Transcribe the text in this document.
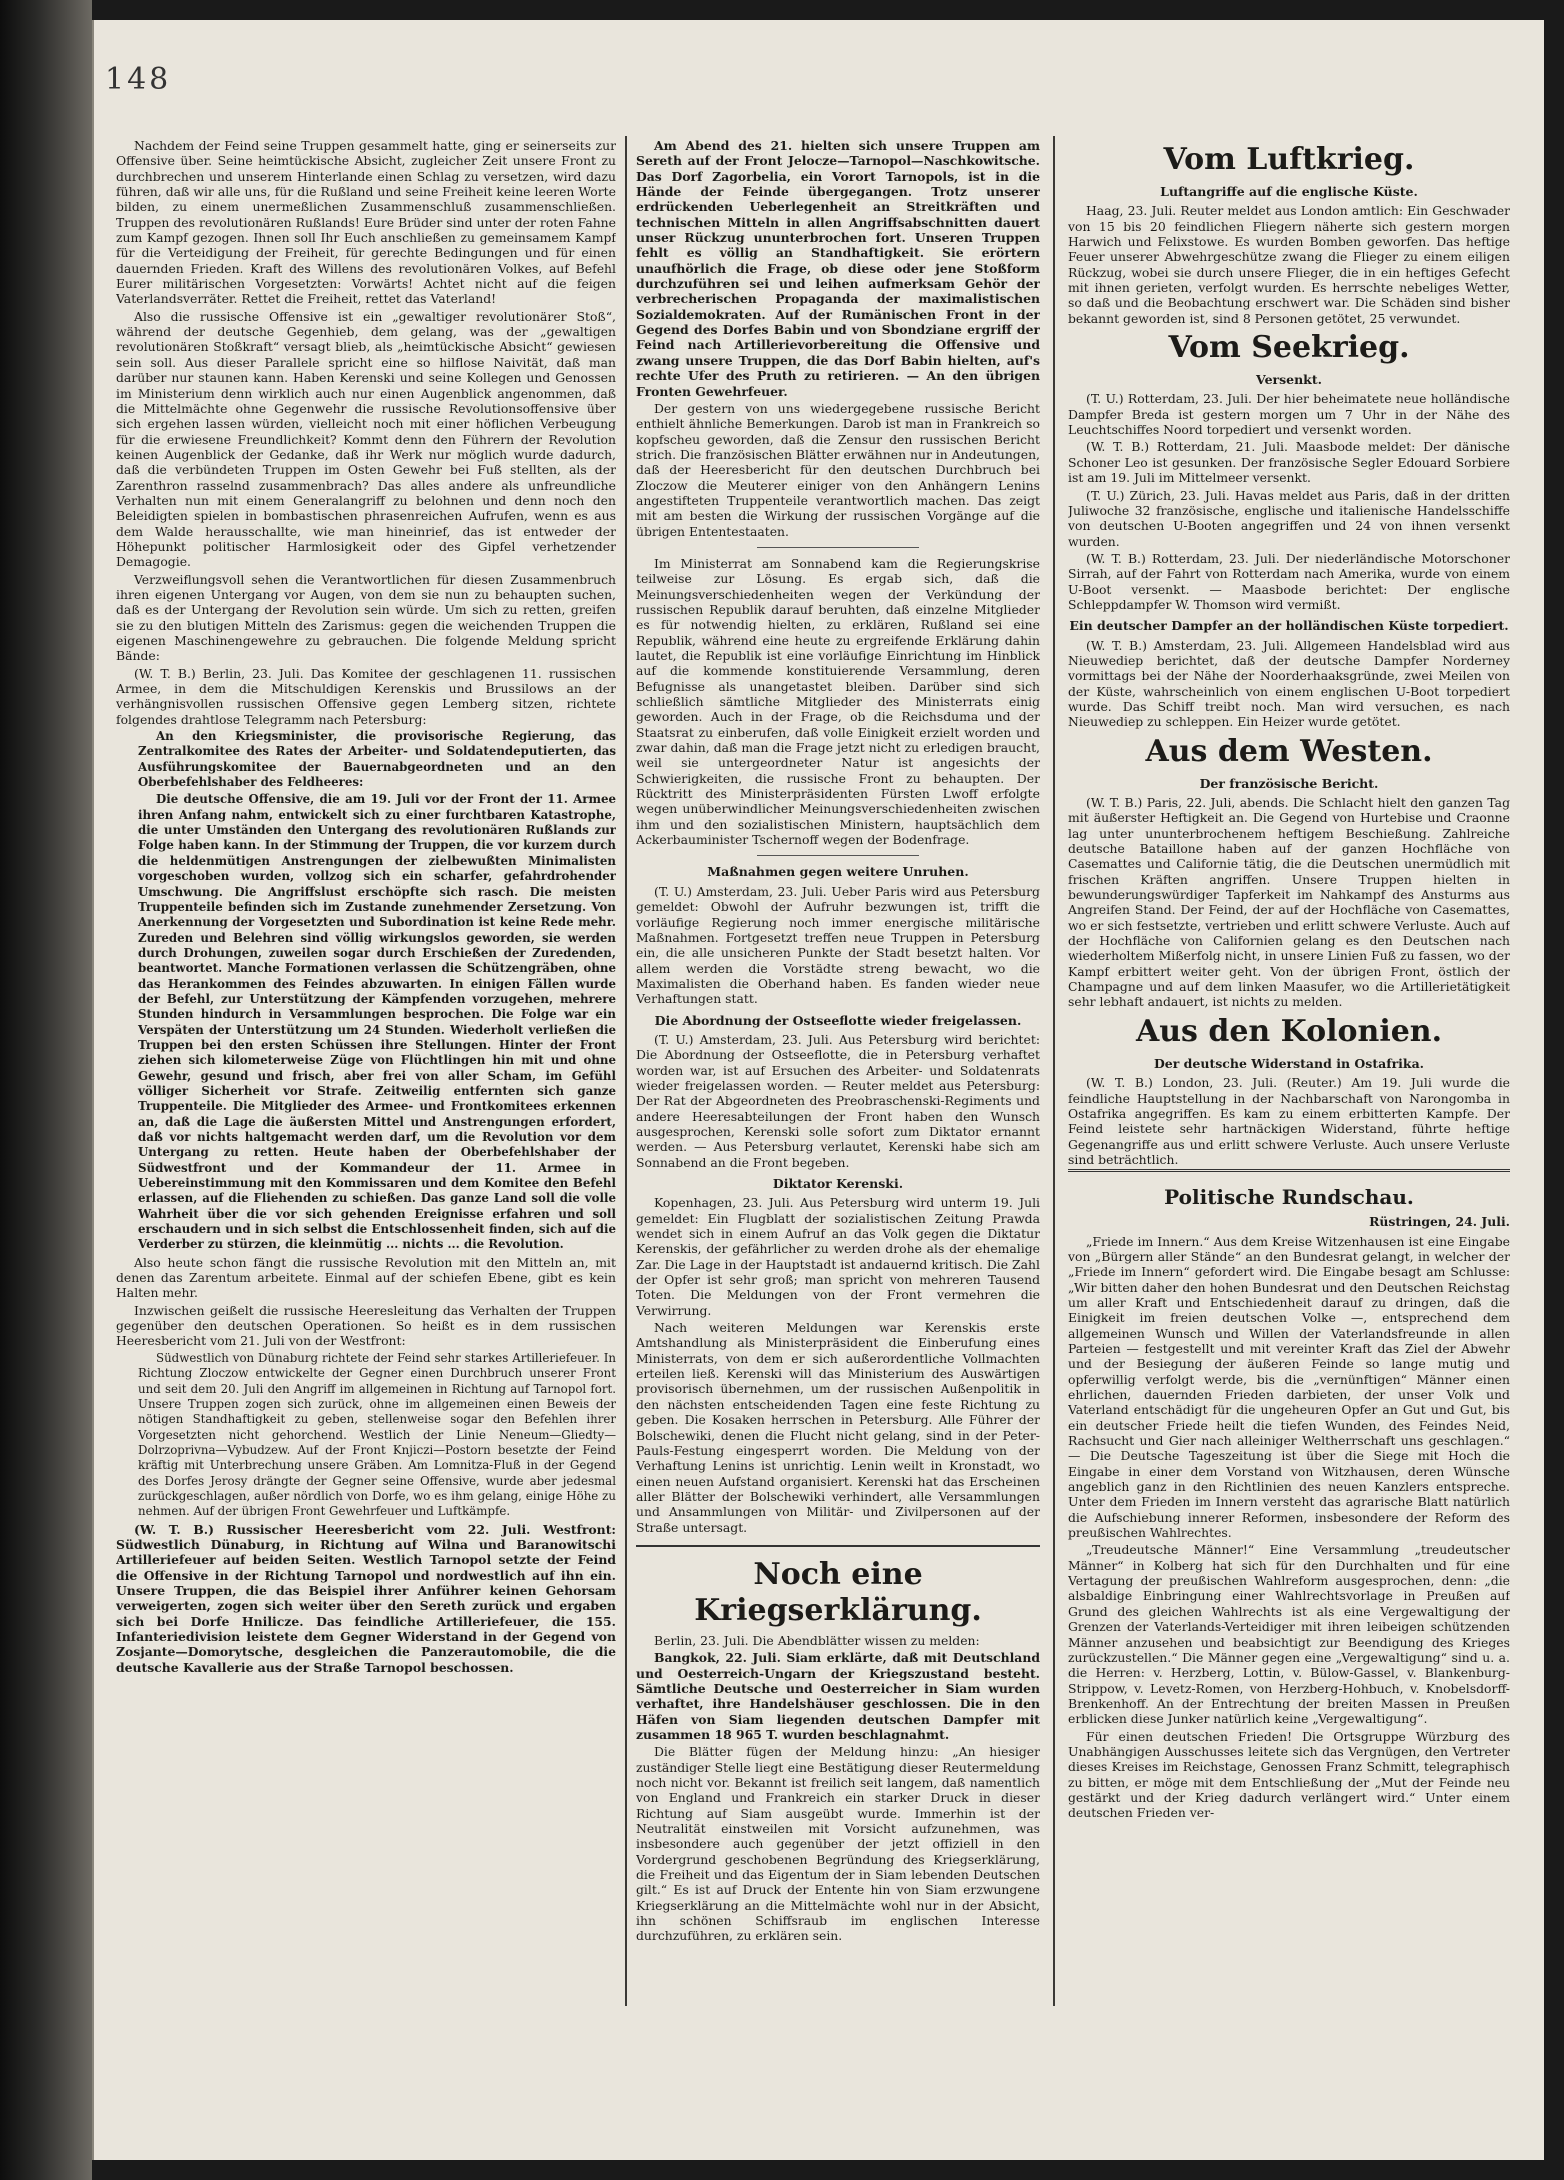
148

Nachdem der Feind seine Truppen gesammelt hatte, ging er seinerseits zur Offensive über. Seine heimtückische Absicht, zugleicher Zeit unsere Front zu durchbrechen und unserem Hinterlande einen Schlag zu versetzen, wird dazu führen, daß wir alle uns, für die Rußland und seine Freiheit keine leeren Worte bilden, zu einem unermeßlichen Zusammenschluß zusammenschließen. Truppen des revolutionären Rußlands! Eure Brüder sind unter der roten Fahne zum Kampf gezogen. Ihnen soll Ihr Euch anschließen zu gemeinsamem Kampf für die Verteidigung der Freiheit, für gerechte Bedingungen und für einen dauernden Frieden. Kraft des Willens des revolutionären Volkes, auf Befehl Eurer militärischen Vorgesetzten: Vorwärts! Achtet nicht auf die feigen Vaterlandsverräter. Rettet die Freiheit, rettet das Vaterland!

Also die russische Offensive ist ein „gewaltiger revolutionärer Stoß“, während der deutsche Gegenhieb, dem gelang, was der „gewaltigen revolutionären Stoßkraft“ versagt blieb, als „heimtückische Absicht“ gewiesen sein soll. Aus dieser Parallele spricht eine so hilflose Naivität, daß man darüber nur staunen kann. Haben Kerenski und seine Kollegen und Genossen im Ministerium denn wirklich auch nur einen Augenblick angenommen, daß die Mittelmächte ohne Gegenwehr die russische Revolutionsoffensive über sich ergehen lassen würden, vielleicht noch mit einer höflichen Verbeugung für die erwiesene Freundlichkeit? Kommt denn den Führern der Revolution keinen Augenblick der Gedanke, daß ihr Werk nur möglich wurde dadurch, daß die verbündeten Truppen im Osten Gewehr bei Fuß stellten, als der Zarenthron rasselnd zusammenbrach? Das alles andere als unfreundliche Verhalten nun mit einem Generalangriff zu belohnen und denn noch den Beleidigten spielen in bombastischen phrasenreichen Aufrufen, wenn es aus dem Walde herausschallte, wie man hineinrief, das ist entweder der Höhepunkt politischer Harmlosigkeit oder des Gipfel verhetzender Demagogie.

Verzweiflungsvoll sehen die Verantwortlichen für diesen Zusammenbruch ihren eigenen Untergang vor Augen, von dem sie nun zu behaupten suchen, daß es der Untergang der Revolution sein würde. Um sich zu retten, greifen sie zu den blutigen Mitteln des Zarismus: gegen die weichenden Truppen die eigenen Maschinengewehre zu gebrauchen. Die folgende Meldung spricht Bände:

(W. T. B.) Berlin, 23. Juli. Das Komitee der geschlagenen 11. russischen Armee, in dem die Mitschuldigen Kerenskis und Brussilows an der verhängnisvollen russischen Offensive gegen Lemberg sitzen, richtete folgendes drahtlose Telegramm nach Petersburg:

An den Kriegsminister, die provisorische Regierung, das Zentralkomitee des Rates der Arbeiter- und Soldatendeputierten, das Ausführungskomitee der Bauernabgeordneten und an den Oberbefehlshaber des Feldheeres:

Die deutsche Offensive, die am 19. Juli vor der Front der 11. Armee ihren Anfang nahm, entwickelt sich zu einer furchtbaren Katastrophe, die unter Umständen den Untergang des revolutionären Rußlands zur Folge haben kann. In der Stimmung der Truppen, die vor kurzem durch die heldenmütigen Anstrengungen der zielbewußten Minimalisten vorgeschoben wurden, vollzog sich ein scharfer, gefahrdrohender Umschwung. Die Angriffslust erschöpfte sich rasch. Die meisten Truppenteile befinden sich im Zustande zunehmender Zersetzung. Von Anerkennung der Vorgesetzten und Subordination ist keine Rede mehr. Zureden und Belehren sind völlig wirkungslos geworden, sie werden durch Drohungen, zuweilen sogar durch Erschießen der Zuredenden, beantwortet. Manche Formationen verlassen die Schützengräben, ohne das Herankommen des Feindes abzuwarten. In einigen Fällen wurde der Befehl, zur Unterstützung der Kämpfenden vorzugehen, mehrere Stunden hindurch in Versammlungen besprochen. Die Folge war ein Verspäten der Unterstützung um 24 Stunden. Wiederholt verließen die Truppen bei den ersten Schüssen ihre Stellungen. Hinter der Front ziehen sich kilometerweise Züge von Flüchtlingen hin mit und ohne Gewehr, gesund und frisch, aber frei von aller Scham, im Gefühl völliger Sicherheit vor Strafe. Zeitweilig entfernten sich ganze Truppenteile. Die Mitglieder des Armee- und Frontkomitees erkennen an, daß die Lage die äußersten Mittel und Anstrengungen erfordert, daß vor nichts haltgemacht werden darf, um die Revolution vor dem Untergang zu retten. Heute haben der Oberbefehlshaber der Südwestfront und der Kommandeur der 11. Armee in Uebereinstimmung mit den Kommissaren und dem Komitee den Befehl erlassen, auf die Fliehenden zu schießen. Das ganze Land soll die volle Wahrheit über die vor sich gehenden Ereignisse erfahren und soll erschaudern und in sich selbst die Entschlossenheit finden, sich auf die Verderber zu stürzen, die kleinmütig ... nichts ... die Revolution.

Also heute schon fängt die russische Revolution mit den Mitteln an, mit denen das Zarentum arbeitete. Einmal auf der schiefen Ebene, gibt es kein Halten mehr.

Inzwischen geißelt die russische Heeresleitung das Verhalten der Truppen gegenüber den deutschen Operationen. So heißt es in dem russischen Heeresbericht vom 21. Juli von der Westfront:

Südwestlich von Dünaburg richtete der Feind sehr starkes Artilleriefeuer. In Richtung Zloczow entwickelte der Gegner einen Durchbruch unserer Front und seit dem 20. Juli den Angriff im allgemeinen in Richtung auf Tarnopol fort. Unsere Truppen zogen sich zurück, ohne im allgemeinen einen Beweis der nötigen Standhaftigkeit zu geben, stellenweise sogar den Befehlen ihrer Vorgesetzten nicht gehorchend. Westlich der Linie Neneum—Gliedty—Dolrzoprivna—Vybudzew. Auf der Front Knjiczi—Postorn besetzte der Feind kräftig mit Unterbrechung unsere Gräben. Am Lomnitza-Fluß in der Gegend des Dorfes Jerosy drängte der Gegner seine Offensive, wurde aber jedesmal zurückgeschlagen, außer nördlich von Dorfe, wo es ihm gelang, einige Höhe zu nehmen. Auf der übrigen Front Gewehrfeuer und Luftkämpfe.

(W. T. B.) Russischer Heeresbericht vom 22. Juli. Westfront: Südwestlich Dünaburg, in Richtung auf Wilna und Baranowitschi Artilleriefeuer auf beiden Seiten. Westlich Tarnopol setzte der Feind die Offensive in der Richtung Tarnopol und nordwestlich auf ihn ein. Unsere Truppen, die das Beispiel ihrer Anführer keinen Gehorsam verweigerten, zogen sich weiter über den Sereth zurück und ergaben sich bei Dorfe Hnilicze. Das feindliche Artilleriefeuer, die 155. Infanteriedivision leistete dem Gegner Widerstand in der Gegend von Zosjante—Domorytsche, desgleichen die Panzerautomobile, die die deutsche Kavallerie aus der Straße Tarnopol beschossen.

Am Abend des 21. hielten sich unsere Truppen am Sereth auf der Front Jelocze—Tarnopol—Naschkowitsche. Das Dorf Zagorbelia, ein Vorort Tarnopols, ist in die Hände der Feinde übergegangen. Trotz unserer erdrückenden Ueberlegenheit an Streitkräften und technischen Mitteln in allen Angriffsabschnitten dauert unser Rückzug ununterbrochen fort. Unseren Truppen fehlt es völlig an Standhaftigkeit. Sie erörtern unaufhörlich die Frage, ob diese oder jene Stoßform durchzuführen sei und leihen aufmerksam Gehör der verbrecherischen Propaganda der maximalistischen Sozialdemokraten. Auf der Rumänischen Front in der Gegend des Dorfes Babin und von Sbondziane ergriff der Feind nach Artillerievorbereitung die Offensive und zwang unsere Truppen, die das Dorf Babin hielten, auf's rechte Ufer des Pruth zu retirieren. — An den übrigen Fronten Gewehrfeuer.

Der gestern von uns wiedergegebene russische Bericht enthielt ähnliche Bemerkungen. Darob ist man in Frankreich so kopfscheu geworden, daß die Zensur den russischen Bericht strich. Die französischen Blätter erwähnen nur in Andeutungen, daß der Heeresbericht für den deutschen Durchbruch bei Zloczow die Meuterer einiger von den Anhängern Lenins angestifteten Truppenteile verantwortlich machen. Das zeigt mit am besten die Wirkung der russischen Vorgänge auf die übrigen Ententestaaten.

Im Ministerrat am Sonnabend kam die Regierungskrise teilweise zur Lösung. Es ergab sich, daß die Meinungsverschiedenheiten wegen der Verkündung der russischen Republik darauf beruhten, daß einzelne Mitglieder es für notwendig hielten, zu erklären, Rußland sei eine Republik, während eine heute zu ergreifende Erklärung dahin lautet, die Republik ist eine vorläufige Einrichtung im Hinblick auf die kommende konstituierende Versammlung, deren Befugnisse als unangetastet bleiben. Darüber sind sich schließlich sämtliche Mitglieder des Ministerrats einig geworden. Auch in der Frage, ob die Reichsduma und der Staatsrat zu einberufen, daß volle Einigkeit erzielt worden und zwar dahin, daß man die Frage jetzt nicht zu erledigen braucht, weil sie untergeordneter Natur ist angesichts der Schwierigkeiten, die russische Front zu behaupten. Der Rücktritt des Ministerpräsidenten Fürsten Lwoff erfolgte wegen unüberwindlicher Meinungsverschiedenheiten zwischen ihm und den sozialistischen Ministern, hauptsächlich dem Ackerbauminister Tschernoff wegen der Bodenfrage.

Maßnahmen gegen weitere Unruhen.

(T. U.) Amsterdam, 23. Juli. Ueber Paris wird aus Petersburg gemeldet: Obwohl der Aufruhr bezwungen ist, trifft die vorläufige Regierung noch immer energische militärische Maßnahmen. Fortgesetzt treffen neue Truppen in Petersburg ein, die alle unsicheren Punkte der Stadt besetzt halten. Vor allem werden die Vorstädte streng bewacht, wo die Maximalisten die Oberhand haben. Es fanden wieder neue Verhaftungen statt.

Die Abordnung der Ostseeflotte wieder freigelassen.

(T. U.) Amsterdam, 23. Juli. Aus Petersburg wird berichtet: Die Abordnung der Ostseeflotte, die in Petersburg verhaftet worden war, ist auf Ersuchen des Arbeiter- und Soldatenrats wieder freigelassen worden. — Reuter meldet aus Petersburg: Der Rat der Abgeordneten des Preobraschenski-Regiments und andere Heeresabteilungen der Front haben den Wunsch ausgesprochen, Kerenski solle sofort zum Diktator ernannt werden. — Aus Petersburg verlautet, Kerenski habe sich am Sonnabend an die Front begeben.

Diktator Kerenski.

Kopenhagen, 23. Juli. Aus Petersburg wird unterm 19. Juli gemeldet: Ein Flugblatt der sozialistischen Zeitung Prawda wendet sich in einem Aufruf an das Volk gegen die Diktatur Kerenskis, der gefährlicher zu werden drohe als der ehemalige Zar. Die Lage in der Hauptstadt ist andauernd kritisch. Die Zahl der Opfer ist sehr groß; man spricht von mehreren Tausend Toten. Die Meldungen von der Front vermehren die Verwirrung.

Nach weiteren Meldungen war Kerenskis erste Amtshandlung als Ministerpräsident die Einberufung eines Ministerrats, von dem er sich außerordentliche Vollmachten erteilen ließ. Kerenski will das Ministerium des Auswärtigen provisorisch übernehmen, um der russischen Außenpolitik in den nächsten entscheidenden Tagen eine feste Richtung zu geben. Die Kosaken herrschen in Petersburg. Alle Führer der Bolschewiki, denen die Flucht nicht gelang, sind in der Peter-Pauls-Festung eingesperrt worden. Die Meldung von der Verhaftung Lenins ist unrichtig. Lenin weilt in Kronstadt, wo einen neuen Aufstand organisiert. Kerenski hat das Erscheinen aller Blätter der Bolschewiki verhindert, alle Versammlungen und Ansammlungen von Militär- und Zivilpersonen auf der Straße untersagt.

Noch eine Kriegserklärung.

Berlin, 23. Juli. Die Abendblätter wissen zu melden:

Bangkok, 22. Juli. Siam erklärte, daß mit Deutschland und Oesterreich-Ungarn der Kriegszustand besteht. Sämtliche Deutsche und Oesterreicher in Siam wurden verhaftet, ihre Handelshäuser geschlossen. Die in den Häfen von Siam liegenden deutschen Dampfer mit zusammen 18 965 T. wurden beschlagnahmt.

Die Blätter fügen der Meldung hinzu: „An hiesiger zuständiger Stelle liegt eine Bestätigung dieser Reutermeldung noch nicht vor. Bekannt ist freilich seit langem, daß namentlich von England und Frankreich ein starker Druck in dieser Richtung auf Siam ausgeübt wurde. Immerhin ist der Neutralität einstweilen mit Vorsicht aufzunehmen, was insbesondere auch gegenüber der jetzt offiziell in den Vordergrund geschobenen Begründung des Kriegserklärung, die Freiheit und das Eigentum der in Siam lebenden Deutschen gilt.“ Es ist auf Druck der Entente hin von Siam erzwungene Kriegserklärung an die Mittelmächte wohl nur in der Absicht, ihn schönen Schiffsraub im englischen Interesse durchzuführen, zu erklären sein.

Vom Luftkrieg.
Luftangriffe auf die englische Küste.

Haag, 23. Juli. Reuter meldet aus London amtlich: Ein Geschwader von 15 bis 20 feindlichen Fliegern näherte sich gestern morgen Harwich und Felixstowe. Es wurden Bomben geworfen. Das heftige Feuer unserer Abwehrgeschütze zwang die Flieger zu einem eiligen Rückzug, wobei sie durch unsere Flieger, die in ein heftiges Gefecht mit ihnen gerieten, verfolgt wurden. Es herrschte nebeliges Wetter, so daß und die Beobachtung erschwert war. Die Schäden sind bisher bekannt geworden ist, sind 8 Personen getötet, 25 verwundet.

Vom Seekrieg.
Versenkt.

(T. U.) Rotterdam, 23. Juli. Der hier beheimatete neue holländische Dampfer Breda ist gestern morgen um 7 Uhr in der Nähe des Leuchtschiffes Noord torpediert und versenkt worden.

(W. T. B.) Rotterdam, 21. Juli. Maasbode meldet: Der dänische Schoner Leo ist gesunken. Der französische Segler Edouard Sorbiere ist am 19. Juli im Mittelmeer versenkt.

(T. U.) Zürich, 23. Juli. Havas meldet aus Paris, daß in der dritten Juliwoche 32 französische, englische und italienische Handelsschiffe von deutschen U-Booten angegriffen und 24 von ihnen versenkt wurden.

(W. T. B.) Rotterdam, 23. Juli. Der niederländische Motorschoner Sirrah, auf der Fahrt von Rotterdam nach Amerika, wurde von einem U-Boot versenkt. — Maasbode berichtet: Der englische Schleppdampfer W. Thomson wird vermißt.

Ein deutscher Dampfer an der holländischen Küste torpediert.

(W. T. B.) Amsterdam, 23. Juli. Allgemeen Handelsblad wird aus Nieuwediep berichtet, daß der deutsche Dampfer Norderney vormittags bei der Nähe der Noorderhaaksgründe, zwei Meilen von der Küste, wahrscheinlich von einem englischen U-Boot torpediert wurde. Das Schiff treibt noch. Man wird versuchen, es nach Nieuwediep zu schleppen. Ein Heizer wurde getötet.

Aus dem Westen.
Der französische Bericht.

(W. T. B.) Paris, 22. Juli, abends. Die Schlacht hielt den ganzen Tag mit äußerster Heftigkeit an. Die Gegend von Hurtebise und Craonne lag unter ununterbrochenem heftigem Beschießung. Zahlreiche deutsche Bataillone haben auf der ganzen Hochfläche von Casemattes und Californie tätig, die die Deutschen unermüdlich mit frischen Kräften angriffen. Unsere Truppen hielten in bewunderungswürdiger Tapferkeit im Nahkampf des Ansturms aus Angreifen Stand. Der Feind, der auf der Hochfläche von Casemattes, wo er sich festsetzte, vertrieben und erlitt schwere Verluste. Auch auf der Hochfläche von Californien gelang es den Deutschen nach wiederholtem Mißerfolg nicht, in unsere Linien Fuß zu fassen, wo der Kampf erbittert weiter geht. Von der übrigen Front, östlich der Champagne und auf dem linken Maasufer, wo die Artillerietätigkeit sehr lebhaft andauert, ist nichts zu melden.

Aus den Kolonien.
Der deutsche Widerstand in Ostafrika.

(W. T. B.) London, 23. Juli. (Reuter.) Am 19. Juli wurde die feindliche Hauptstellung in der Nachbarschaft von Narongomba in Ostafrika angegriffen. Es kam zu einem erbitterten Kampfe. Der Feind leistete sehr hartnäckigen Widerstand, führte heftige Gegenangriffe aus und erlitt schwere Verluste. Auch unsere Verluste sind beträchtlich.

Politische Rundschau.
Rüstringen, 24. Juli.

„Friede im Innern.“ Aus dem Kreise Witzenhausen ist eine Eingabe von „Bürgern aller Stände“ an den Bundesrat gelangt, in welcher der „Friede im Innern“ gefordert wird. Die Eingabe besagt am Schlusse: „Wir bitten daher den hohen Bundesrat und den Deutschen Reichstag um aller Kraft und Entschiedenheit darauf zu dringen, daß die Einigkeit im freien deutschen Volke —, entsprechend dem allgemeinen Wunsch und Willen der Vaterlandsfreunde in allen Parteien — festgestellt und mit vereinter Kraft das Ziel der Abwehr und der Besiegung der äußeren Feinde so lange mutig und opferwillig verfolgt werde, bis die „vernünftigen“ Männer einen ehrlichen, dauernden Frieden darbieten, der unser Volk und Vaterland entschädigt für die ungeheuren Opfer an Gut und Gut, bis ein deutscher Friede heilt die tiefen Wunden, des Feindes Neid, Rachsucht und Gier nach alleiniger Weltherrschaft uns geschlagen.“ — Die Deutsche Tageszeitung ist über die Siege mit Hoch die Eingabe in einer dem Vorstand von Witzhausen, deren Wünsche angeblich ganz in den Richtlinien des neuen Kanzlers entspreche. Unter dem Frieden im Innern versteht das agrarische Blatt natürlich die Aufschiebung innerer Reformen, insbesondere der Reform des preußischen Wahlrechtes.

„Treudeutsche Männer!“ Eine Versammlung „treudeutscher Männer“ in Kolberg hat sich für den Durchhalten und für eine Vertagung der preußischen Wahlreform ausgesprochen, denn: „die alsbaldige Einbringung einer Wahlrechtsvorlage in Preußen auf Grund des gleichen Wahlrechts ist als eine Vergewaltigung der Grenzen der Vaterlands-Verteidiger mit ihren leibeigen schützenden Männer anzusehen und beabsichtigt zur Beendigung des Krieges zurückzustellen.“ Die Männer gegen eine „Vergewaltigung“ sind u. a. die Herren: v. Herzberg, Lottin, v. Bülow-Gassel, v. Blankenburg-Strippow, v. Levetz-Romen, von Herzberg-Hohbuch, v. Knobelsdorff-Brenkenhoff. An der Entrechtung der breiten Massen in Preußen erblicken diese Junker natürlich keine „Vergewaltigung“.

Für einen deutschen Frieden! Die Ortsgruppe Würzburg des Unabhängigen Ausschusses leitete sich das Vergnügen, den Vertreter dieses Kreises im Reichstage, Genossen Franz Schmitt, telegraphisch zu bitten, er möge mit dem Entschließung der „Mut der Feinde neu gestärkt und der Krieg dadurch verlängert wird.“ Unter einem deutschen Frieden ver-
